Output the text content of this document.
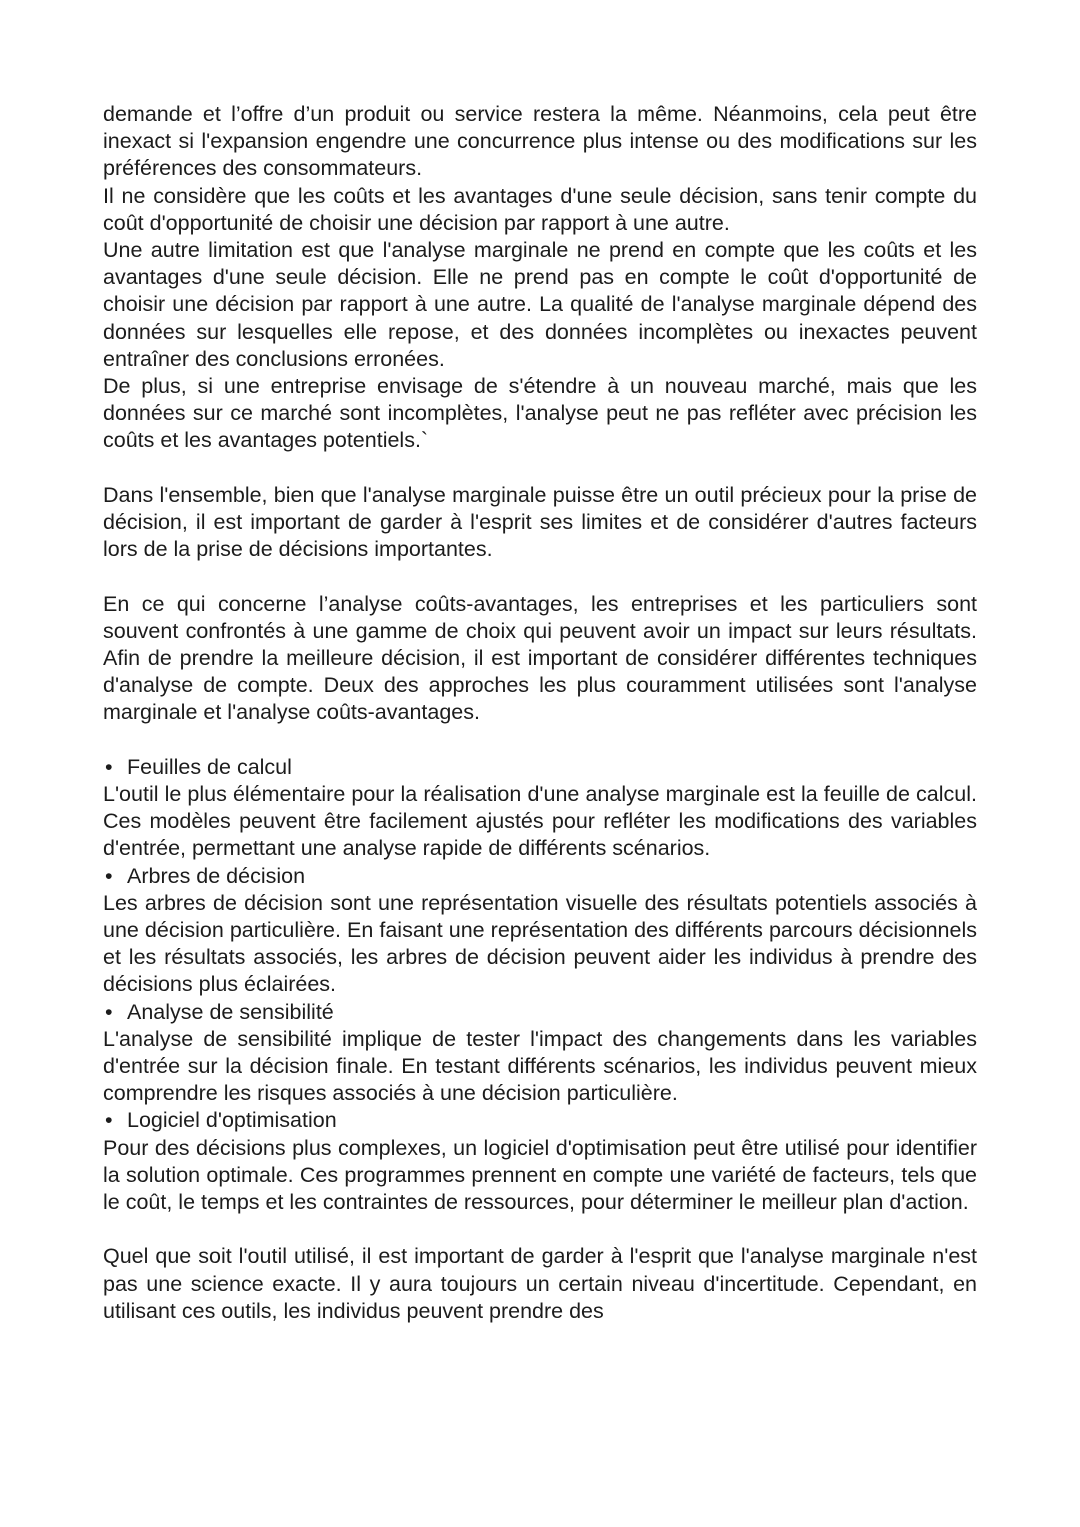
demande et l’offre d’un produit ou service restera la même. Néanmoins, cela peut être inexact si l'expansion engendre une concurrence plus intense ou des modifications sur les préférences des consommateurs.

Il ne considère que les coûts et les avantages d'une seule décision, sans tenir compte du coût d'opportunité de choisir une décision par rapport à une autre.

Une autre limitation est que l'analyse marginale ne prend en compte que les coûts et les avantages d'une seule décision. Elle ne prend pas en compte le coût d'opportunité de choisir une décision par rapport à une autre. La qualité de l'analyse marginale dépend des données sur lesquelles elle repose, et des données incomplètes ou inexactes peuvent entraîner des conclusions erronées.

De plus, si une entreprise envisage de s'étendre à un nouveau marché, mais que les données sur ce marché sont incomplètes, l'analyse peut ne pas refléter avec précision les coûts et les avantages potentiels.`

Dans l'ensemble, bien que l'analyse marginale puisse être un outil précieux pour la prise de décision, il est important de garder à l'esprit ses limites et de considérer d'autres facteurs lors de la prise de décisions importantes.

En ce qui concerne l’analyse coûts-avantages, les entreprises et les particuliers sont souvent confrontés à une gamme de choix qui peuvent avoir un impact sur leurs résultats. Afin de prendre la meilleure décision, il est important de considérer différentes techniques d'analyse de compte. Deux des approches les plus couramment utilisées sont l'analyse marginale et l'analyse coûts-avantages.

• Feuilles de calcul

L'outil le plus élémentaire pour la réalisation d'une analyse marginale est la feuille de calcul. Ces modèles peuvent être facilement ajustés pour refléter les modifications des variables d'entrée, permettant une analyse rapide de différents scénarios.

• Arbres de décision

Les arbres de décision sont une représentation visuelle des résultats potentiels associés à une décision particulière. En faisant une représentation des différents parcours décisionnels et les résultats associés, les arbres de décision peuvent aider les individus à prendre des décisions plus éclairées.

• Analyse de sensibilité

L'analyse de sensibilité implique de tester l'impact des changements dans les variables d'entrée sur la décision finale. En testant différents scénarios, les individus peuvent mieux comprendre les risques associés à une décision particulière.

• Logiciel d'optimisation

Pour des décisions plus complexes, un logiciel d'optimisation peut être utilisé pour identifier la solution optimale. Ces programmes prennent en compte une variété de facteurs, tels que le coût, le temps et les contraintes de ressources, pour déterminer le meilleur plan d'action.

Quel que soit l'outil utilisé, il est important de garder à l'esprit que l'analyse marginale n'est pas une science exacte. Il y aura toujours un certain niveau d'incertitude. Cependant, en utilisant ces outils, les individus peuvent prendre des
